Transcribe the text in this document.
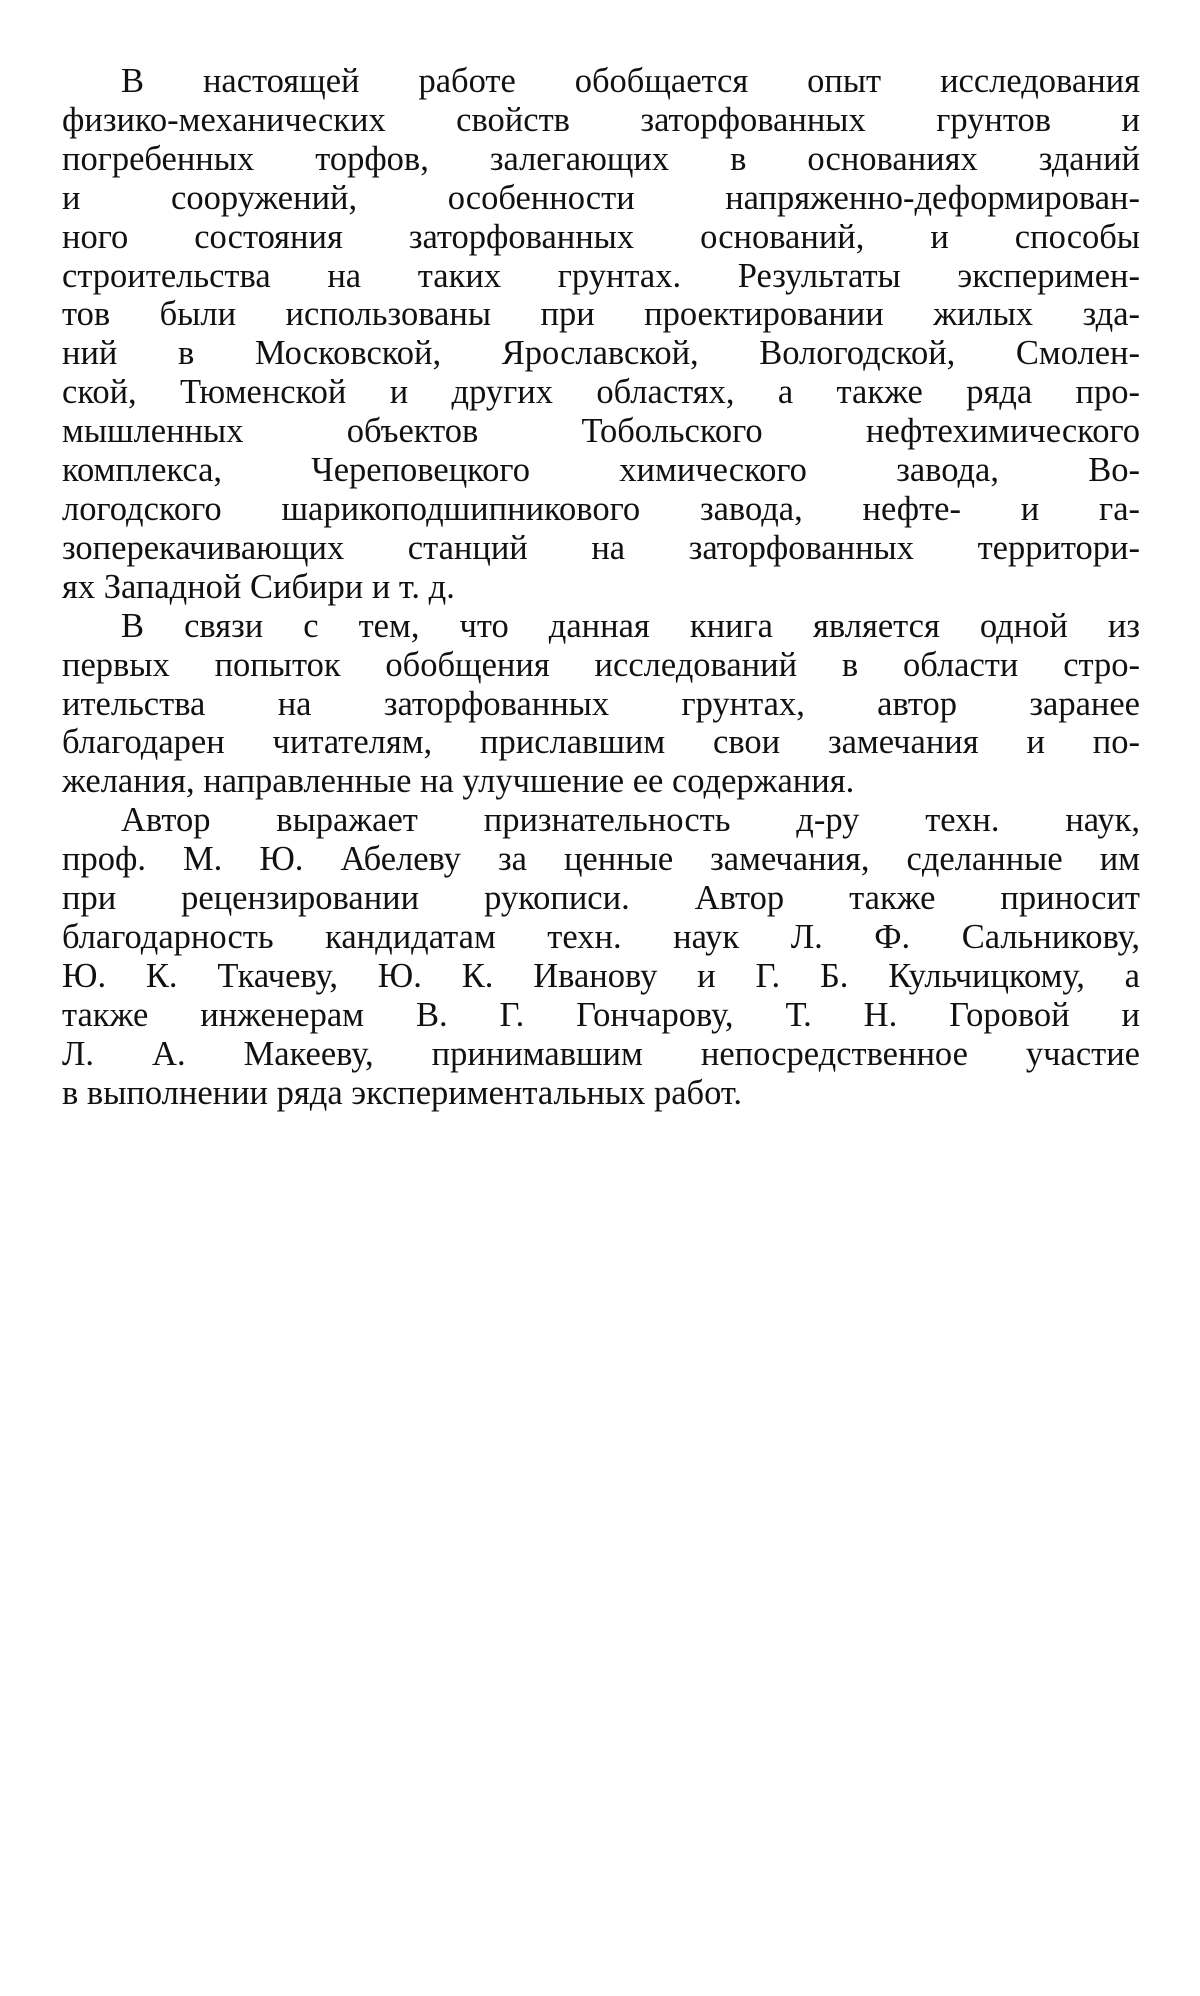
В настоящей работе обобщается опыт исследования
физико-механических свойств заторфованных грунтов и
погребенных торфов, залегающих в основаниях зданий
и сооружений, особенности напряженно-деформирован-
ного состояния заторфованных оснований, и способы
строительства на таких грунтах. Результаты эксперимен-
тов были использованы при проектировании жилых зда-
ний в Московской, Ярославской, Вологодской, Смолен-
ской, Тюменской и других областях, а также ряда про-
мышленных объектов Тобольского нефтехимического
комплекса, Череповецкого химического завода, Во-
логодского шарикоподшипникового завода, нефте- и га-
зоперекачивающих станций на заторфованных территори-
ях Западной Сибири и т. д.
В связи с тем, что данная книга является одной из
первых попыток обобщения исследований в области стро-
ительства на заторфованных грунтах, автор заранее
благодарен читателям, приславшим свои замечания и по-
желания, направленные на улучшение ее содержания.
Автор выражает признательность д-ру техн. наук,
проф. М. Ю. Абелеву за ценные замечания, сделанные им
при рецензировании рукописи. Автор также приносит
благодарность кандидатам техн. наук Л. Ф. Сальникову,
Ю. К. Ткачеву, Ю. К. Иванову и Г. Б. Кульчицкому, а
также инженерам В. Г. Гончарову, Т. Н. Горовой и
Л. А. Макееву, принимавшим непосредственное участие
в выполнении ряда экспериментальных работ.
